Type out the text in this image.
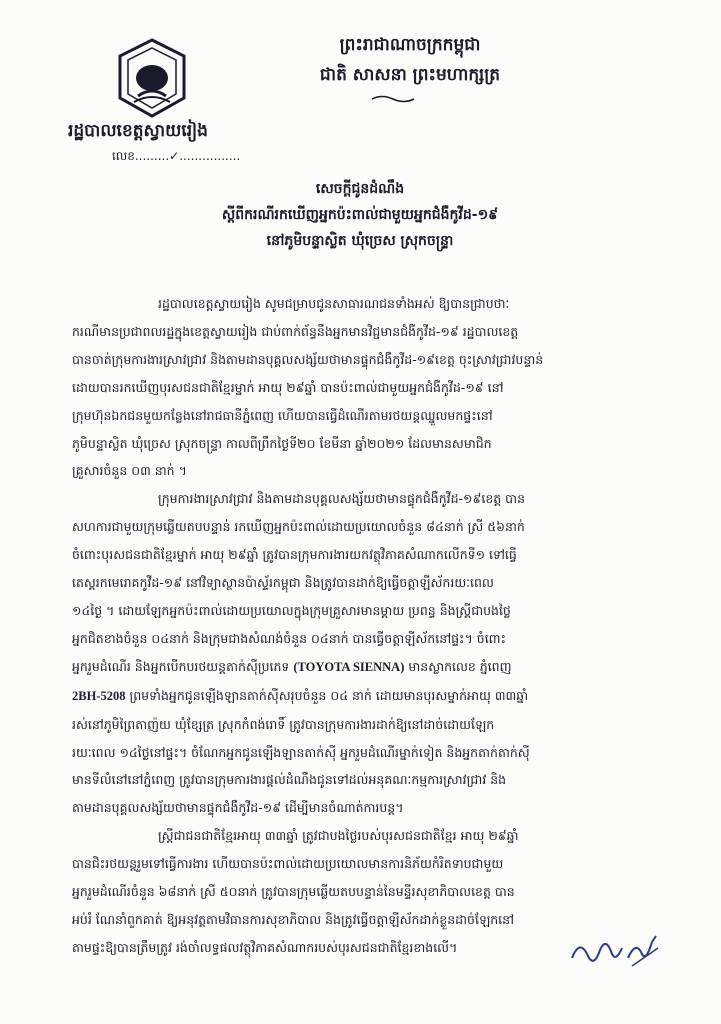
ព្រះរាជាណាចក្រកម្ពុជា
ជាតិ សាសនា ព្រះមហាក្សត្រ
រដ្ឋបាលខេត្តស្វាយរៀង
លេខ.........✓................
សេចក្ដីជូនដំណឹង
ស្ដីពីករណីរកឃើញអ្នកប៉ះពាល់ជាមួយអ្នកជំងឺកូវីដ-១៩
នៅភូមិបន្ទាស្លិត ឃុំច្រេស ស្រុកចន្ទ្រា

រដ្ឋបាលខេត្តស្វាយរៀង សូមជម្រាបជូនសាធារណជនទាំងអស់ ឱ្យបានជ្រាបថាៈ
ករណីមានប្រជាពលរដ្ឋក្នុងខេត្តស្វាយរៀង ជាប់ពាក់ព័ន្ធនឹងអ្នកមានវិជ្ជមានជំងឺកូវីដ-១៩ រដ្ឋបាលខេត្ត
បានចាត់ក្រុមការងារស្រាវជ្រាវ និងតាមដានបុគ្គលសង្ស័យថាមានផ្ទុកជំងឺកូវីដ-១៩ខេត្ត ចុះស្រាវជ្រាវបន្ទាន់
ដោយបានរកឃើញបុរសជនជាតិខ្មែរម្នាក់ អាយុ ២៩ឆ្នាំ បានប៉ះពាល់ជាមួយអ្នកជំងឺកូវីដ-១៩ នៅ
ក្រុមហ៊ុនឯកជនមួយកន្លែងនៅរាជធានីភ្នំពេញ ហើយបានធ្វើដំណើរតាមរថយន្តឈ្នួលមកផ្ទះនៅ
ភូមិបន្ទាស្លិត ឃុំច្រេស ស្រុកចន្ទ្រា កាលពីព្រឹកថ្ងៃទី២០ ខែមីនា ឆ្នាំ២០២១ ដែលមានសមាជិក
គ្រួសារចំនួន ០៣ នាក់ ។

ក្រុមការងារស្រាវជ្រាវ និងតាមដានបុគ្គលសង្ស័យថាមានផ្ទុកជំងឺកូវីដ-១៩ខេត្ត បាន
សហការជាមួយក្រុមឆ្លើយតបបន្ទាន់ រកឃើញអ្នកប៉ះពាល់ដោយប្រយោលចំនួន ៨៤នាក់ ស្រី ៥៦នាក់
ចំពោះបុរសជនជាតិខ្មែរម្នាក់ អាយុ ២៩ឆ្នាំ ត្រូវបានក្រុមការងារយកវត្ថុវិភាគសំណាកលើកទី១ ទៅធ្វើ
តេស្ដរកមេរោគកូវីដ-១៩ នៅវិទ្យាស្ថានប៉ាស្ទ័រកម្ពុជា និងត្រូវបានដាក់ឱ្យធ្វើចត្តាឡីស័ករយៈពេល
១៤ថ្ងៃ ។ ដោយឡែកអ្នកប៉ះពាល់ដោយប្រយោលក្នុងក្រុមគ្រួសារមានម្ដាយ ប្រពន្ធ និងស្ត្រីជាបងថ្លៃ
អ្នកជិតខាងចំនួន ០៤នាក់ និងក្រុមជាងសំណង់ចំនួន ០៤នាក់ បានធ្វើចត្តាឡីស័កនៅផ្ទះ។ ចំពោះ
អ្នករួមដំណើរ និងអ្នកបើកបរថយន្តតាក់ស៊ីប្រភេទ (TOYOTA SIENNA) មានស្លាកលេខ ភ្នំពេញ
2BH-5208 ព្រមទាំងអ្នកជូនឡើងឡានតាក់ស៊ីសរុបចំនួន ០៤ នាក់ ដោយមានបុរសម្នាក់អាយុ ៣៣ឆ្នាំ
រស់នៅភូមិព្រៃតាញ៉យ ឃុំខ្សែត្រ ស្រុកកំពង់រោទិ៍ ត្រូវបានក្រុមការងារដាក់ឱ្យនៅដាច់ដោយឡែក
រយៈពេល ១៤ថ្ងៃនៅផ្ទះ។ ចំណែកអ្នកជូនឡើងឡានតាក់ស៊ី អ្នករួមដំណើរម្នាក់ទៀត និងអ្នកតាក់តាក់ស៊ី
មានទីលំនៅនៅភ្នំពេញ ត្រូវបានក្រុមការងារផ្តល់ដំណឹងជូនទៅដល់អនុគណៈកម្មការស្រាវជ្រាវ និង
តាមដានបុគ្គលសង្ស័យថាមានផ្ទុកជំងឺកូវីដ-១៩ ដើម្បីមានចំណាត់ការបន្ត។

ស្ត្រីជាជនជាតិខ្មែរអាយុ ៣៣ឆ្នាំ ត្រូវជាបងថ្លៃរបស់បុរសជនជាតិខ្មែរ អាយុ ២៩ឆ្នាំ
បានជិះរថយន្តរួមទៅធ្វើការងារ ហើយបានប៉ះពាល់ដោយប្រយោលមានការនិភ័យកំរិតទាបជាមួយ
អ្នករួមដំណើរចំនួន ៦៨នាក់ ស្រី ៥០នាក់ ត្រូវបានក្រុមឆ្លើយតបបន្ទាន់នៃមន្ទីរសុខាភិបាលខេត្ត បាន
អប់រំ ណែនាំពួកគាត់ ឱ្យអនុវត្តតាមវិធានការសុខាភិបាល និងត្រូវធ្វើចត្តាឡីស័កដាក់ខ្លួនដាច់ឡែកនៅ
តាមផ្ទះឱ្យបានត្រឹមត្រូវ រង់ចាំលទ្ធផលវត្ថុវិភាគសំណាករបស់បុរសជនជាតិខ្មែរខាងលើ។
